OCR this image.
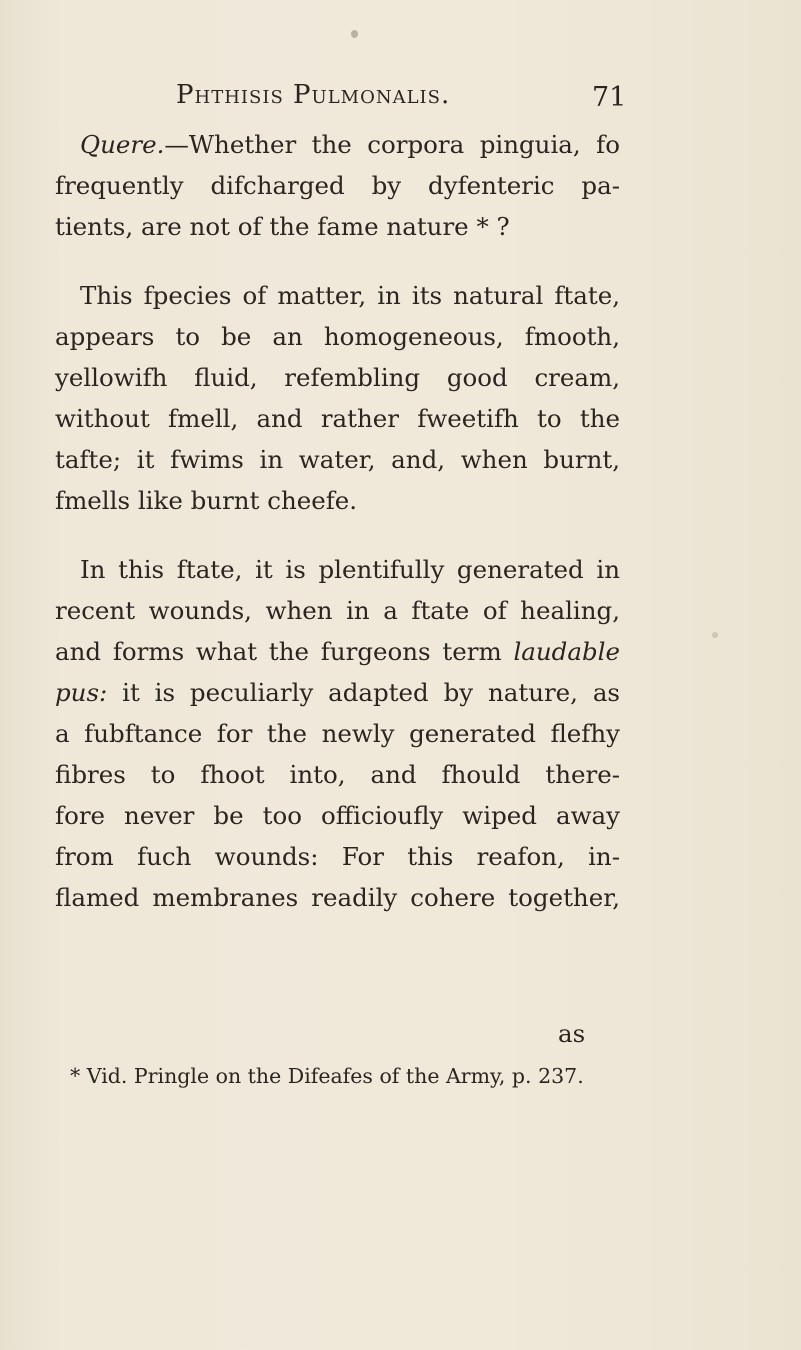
Phthisis Pulmonalis.	71
Quere.—Whether the corpora pinguia, fo
frequently difcharged by dyfenteric pa-
tients, are not of the fame nature * ?
This fpecies of matter, in its natural ftate,
appears to be an homogeneous, fmooth,
yellowifh fluid, refembling good cream,
without fmell, and rather fweetifh to the
tafte; it fwims in water, and, when burnt,
fmells like burnt cheefe.
In this ftate, it is plentifully generated in
recent wounds, when in a ftate of healing,
and forms what the furgeons term laudable
pus: it is peculiarly adapted by nature, as
a fubftance for the newly generated flefhy
fibres to fhoot into, and fhould there-
fore never be too officioufly wiped away
from fuch wounds: For this reafon, in-
flamed membranes readily cohere together,
as
* Vid. Pringle on the Difeafes of the Army, p. 237.
